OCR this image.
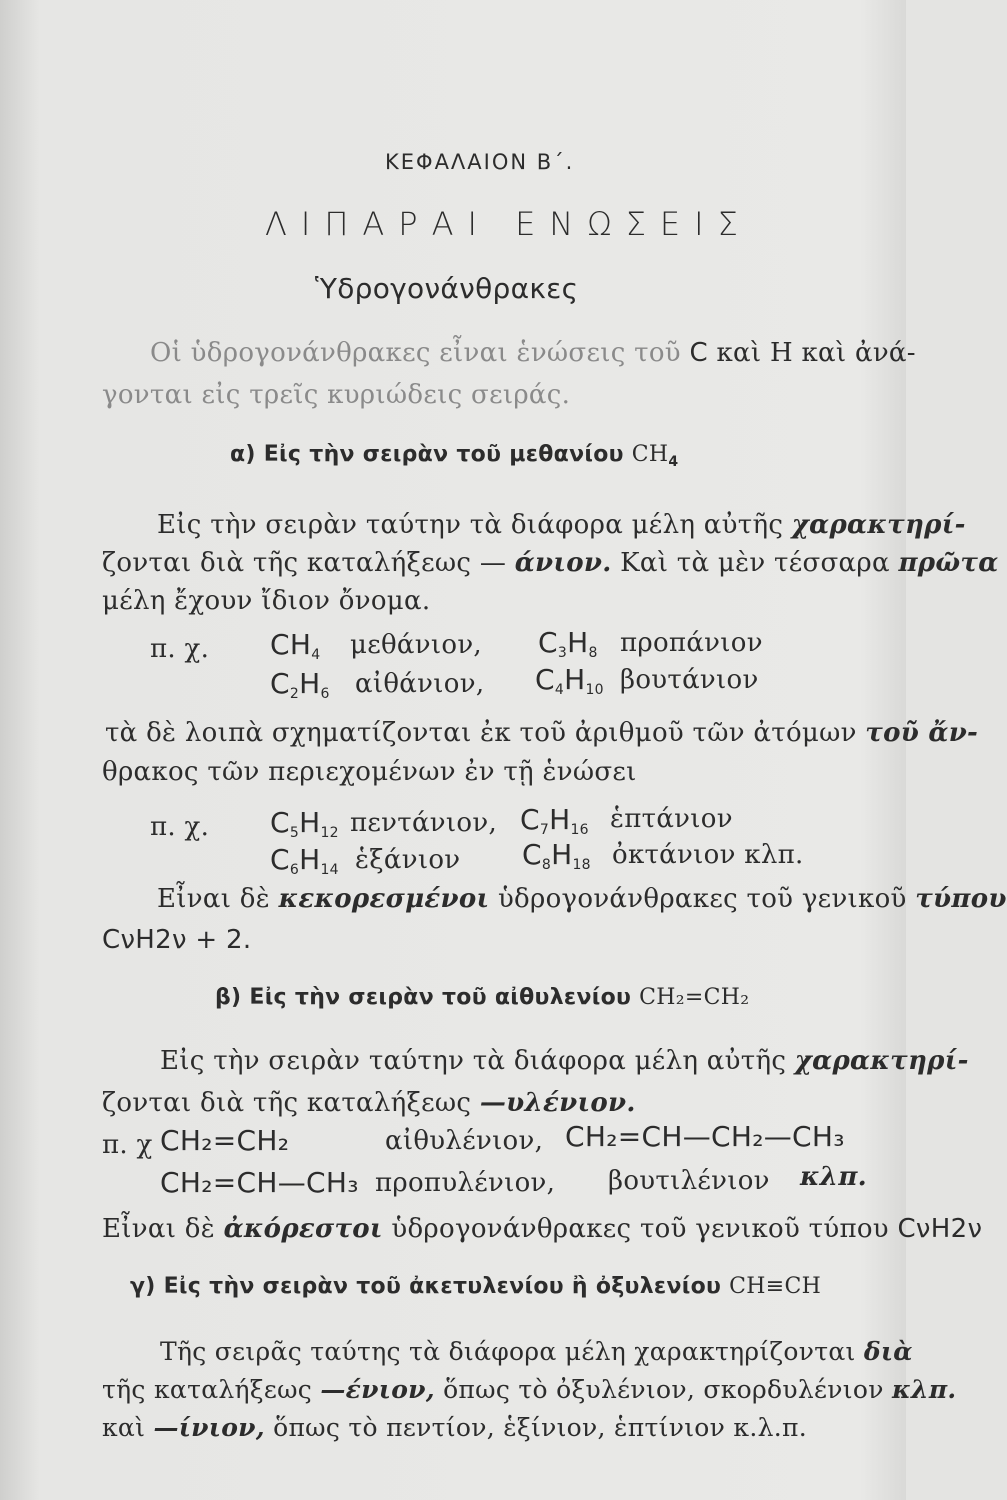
ΚΕΦΑΛΑΙΟΝ Β΄.
ΛΙΠΑΡΑΙ ΕΝΩΣΕΙΣ
Ὑδρογονάνθρακες
Οἱ ὑδρογονάνθρακες εἶναι ἑνώσεις τοῦ C καὶ Η καὶ ἀνά-
γονται εἰς τρεῖς κυριώδεις σειράς.
α) Εἰς τὴν σειρὰν τοῦ μεθανίου $CH_4$
Εἰς τὴν σειρὰν ταύτην τὰ διάφορα μέλη αὐτῆς χαρακτηρί-
ζονται διὰ τῆς καταλήξεως — άνιον. Καὶ τὰ μὲν τέσσαρα πρῶτα
μέλη ἔχουν ἴδιον ὄνομα.
π. χ. $CH_4$ μεθάνιον, $C_3H_8$ προπάνιον
$C_2H_6$ αἰθάνιον, $C_4H_{10}$ βουτάνιον
τὰ δὲ λοιπὰ σχηματίζονται ἐκ τοῦ ἀριθμοῦ τῶν ἀτόμων τοῦ ἄν-
θρακος τῶν περιεχομένων ἐν τῇ ἑνώσει
π. χ. $C_5H_{12}$ πεντάνιον, $C_7H_{16}$ ἑπτάνιον
$C_6H_{14}$ ἑξάνιον $C_8H_{18}$ ὀκτάνιον κλπ.
Εἶναι δὲ κεκορεσμένοι ὑδρογονάνθρακες τοῦ γενικοῦ τύπου
CνΗ2ν + 2.
β) Εἰς τὴν σειρὰν τοῦ αἰθυλενίου CH₂=CH₂
Εἰς τὴν σειρὰν ταύτην τὰ διάφορα μέλη αὐτῆς χαρακτηρί-
ζονται διὰ τῆς καταλήξεως —υλένιον.
π. χ CH₂=CH₂	αἰθυλένιον, CH₂=CH—CH₂—CH₃
CH₂=CH—CH₃ προπυλένιον, βουτιλένιον κλπ.
Εἶναι δὲ ἀκόρεστοι ὑδρογονάνθρακες τοῦ γενικοῦ τύπου CνΗ2ν
γ) Εἰς τὴν σειρὰν τοῦ ἀκετυλενίου ἢ ὀξυλενίου CH≡CH
Τῆς σειρᾶς ταύτης τὰ διάφορα μέλη χαρακτηρίζονται διὰ
τῆς καταλήξεως —ένιον, ὅπως τὸ ὀξυλένιον, σκορδυλένιον κλπ.
καὶ —ίνιον, ὅπως τὸ πεντίον, ἑξίνιον, ἑπτίνιον κ.λ.π.
